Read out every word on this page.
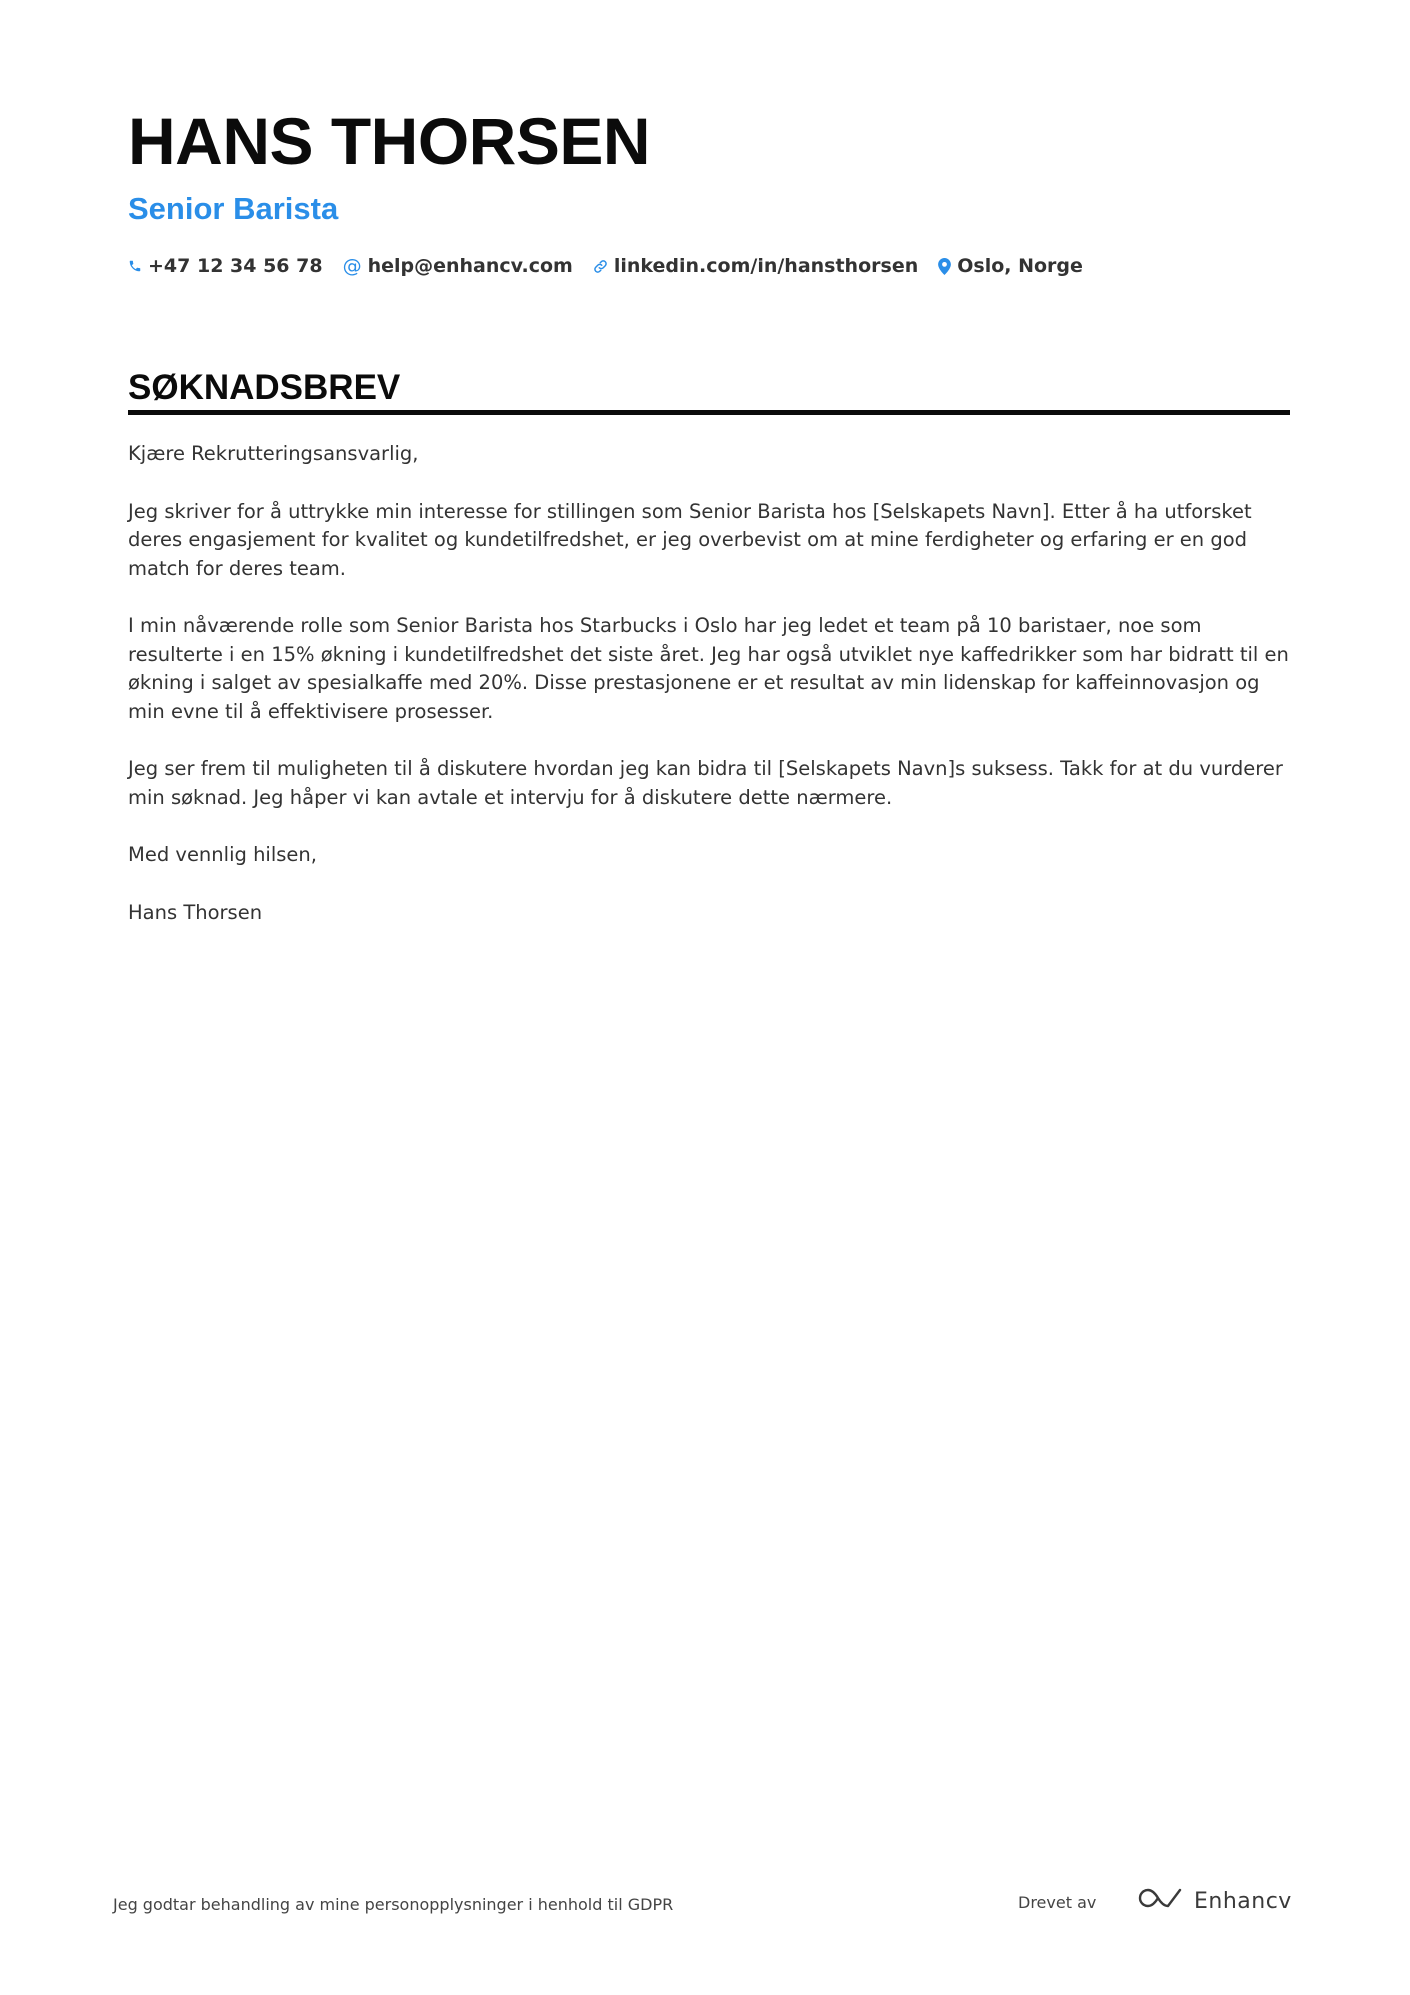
HANS THORSEN
Senior Barista
+47 12 34 56 78 @ help@enhancv.com linkedin.com/in/hansthorsen Oslo, Norge
SØKNADSBREV

Kjære Rekrutteringsansvarlig,

Jeg skriver for å uttrykke min interesse for stillingen som Senior Barista hos [Selskapets Navn]. Etter å ha utforsket deres engasjement for kvalitet og kundetilfredshet, er jeg overbevist om at mine ferdigheter og erfaring er en god match for deres team.

I min nåværende rolle som Senior Barista hos Starbucks i Oslo har jeg ledet et team på 10 baristaer, noe som resulterte i en 15% økning i kundetilfredshet det siste året. Jeg har også utviklet nye kaffedrikker som har bidratt til en økning i salget av spesialkaffe med 20%. Disse prestasjonene er et resultat av min lidenskap for kaffeinnovasjon og min evne til å effektivisere prosesser.

Jeg ser frem til muligheten til å diskutere hvordan jeg kan bidra til [Selskapets Navn]s suksess. Takk for at du vurderer min søknad. Jeg håper vi kan avtale et intervju for å diskutere dette nærmere.

Med vennlig hilsen,

Hans Thorsen

Jeg godtar behandling av mine personopplysninger i henhold til GDPR	Drevet av	Enhancv
